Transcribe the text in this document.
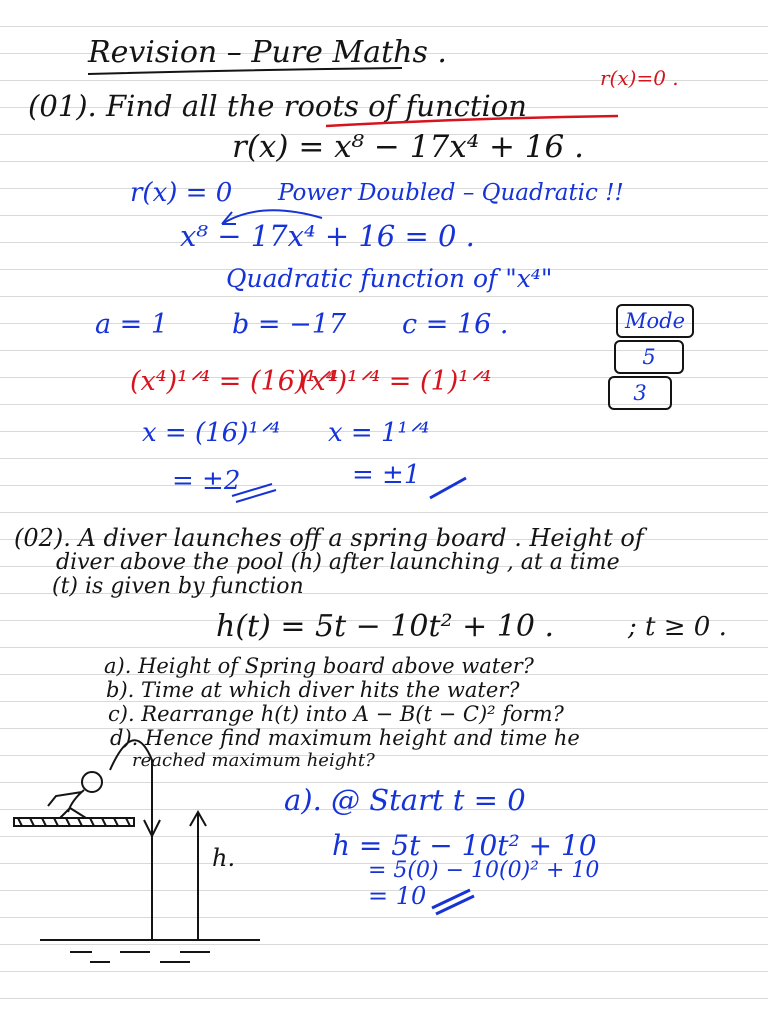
Revision – Pure Maths .
r(x)=0 .
(01). Find all the roots of function
r(x) = x⁸ − 17x⁴ + 16 .
r(x) = 0 Power Doubled – Quadratic !!
x⁸ − 17x⁴ + 16 = 0 .
Quadratic function of "x⁴"
a = 1 b = −17 c = 16 .	Mode
5
3
(x⁴)¹ᐟ⁴ = (16)¹ᐟ⁴
(x⁴)¹ᐟ⁴ = (1)¹ᐟ⁴
x = (16)¹ᐟ⁴ x = 1¹ᐟ⁴
= ±2	= ±1
(02). A diver launches off a spring board . Height of
diver above the pool (h) after launching , at a time
(t) is given by function
h(t) = 5t − 10t² + 10 .	; t ≥ 0 .
a). Height of Spring board above water?
b). Time at which diver hits the water?
c). Rearrange h(t) into A − B(t − C)² form?
d). Hence find maximum height and time he
reached maximum height?
h.
a). @ Start t = 0
h = 5t − 10t² + 10
= 5(0) − 10(0)² + 10
= 10
